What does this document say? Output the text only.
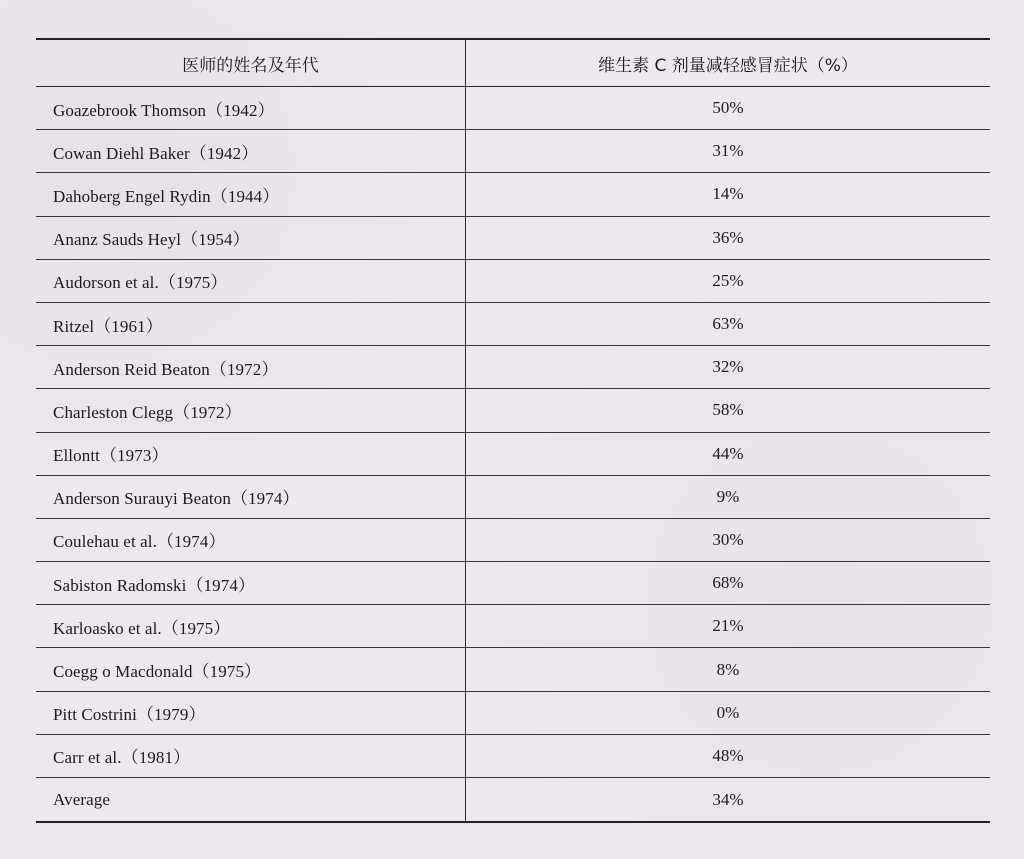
医师的姓名及年代	维生素 C 剂量减轻感冒症状（%）
Goazebrook Thomson（1942）	50%
Cowan Diehl Baker（1942）	31%
Dahoberg Engel Rydin（1944）	14%
Ananz Sauds Heyl（1954）	36%
Audorson et al.（1975）	25%
Ritzel（1961）	63%
Anderson Reid Beaton（1972）	32%
Charleston Clegg（1972）	58%
Ellontt（1973）	44%
Anderson Surauyi Beaton（1974）	9%
Coulehau et al.（1974）	30%
Sabiston Radomski（1974）	68%
Karloasko et al.（1975）	21%
Coegg o Macdonald（1975）	8%
Pitt Costrini（1979）	0%
Carr et al.（1981）	48%
Average	34%
